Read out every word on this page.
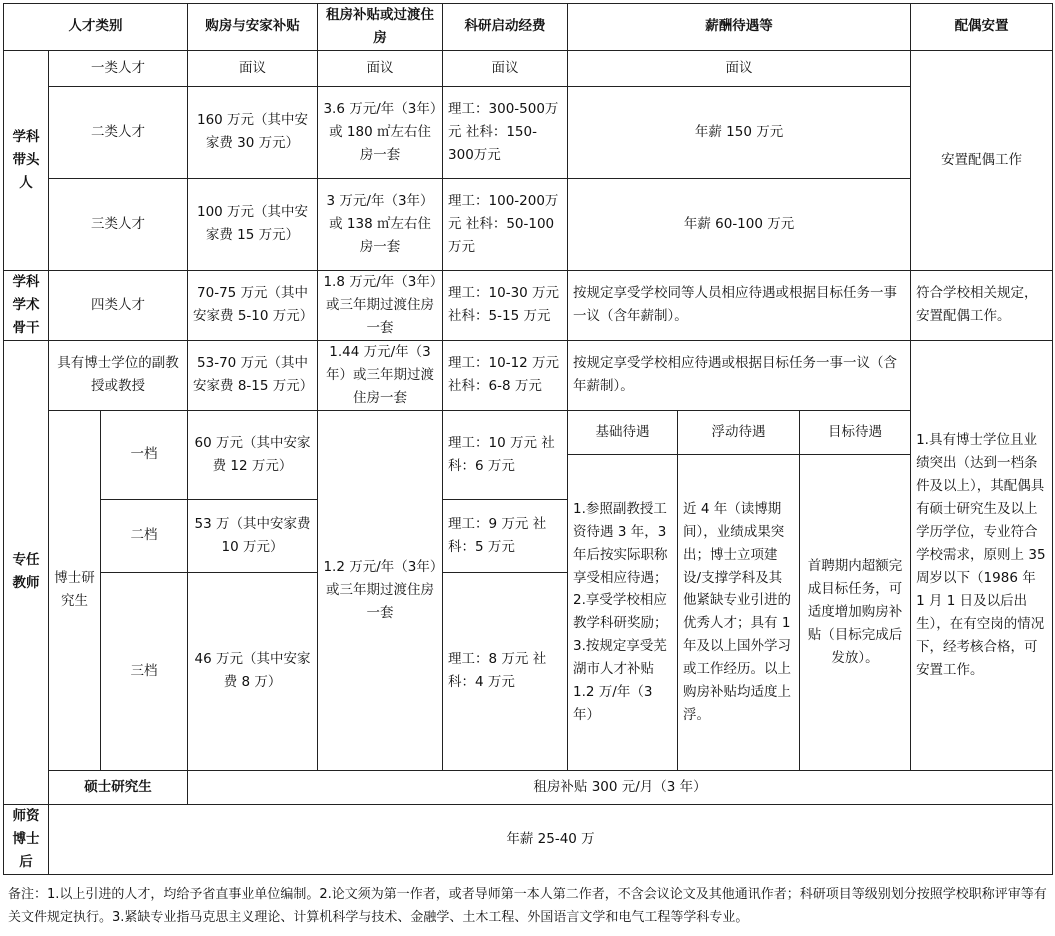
人才类别			购房与安家补贴	租房补贴或过渡住房	科研启动经费	薪酬待遇等			配偶安置
学科带头人	一类人才		面议	面议	面议	面议			安置配偶工作
	二类人才		160 万元（其中安家费 30 万元）	3.6 万元/年（3年）或 180 ㎡左右住房一套	理工：300-500万元 社科：150-300万元	年薪 150 万元			
	三类人才		100 万元（其中安家费 15 万元）	3 万元/年（3年）或 138 ㎡左右住房一套	理工：100-200万元 社科：50-100 万元	年薪 60-100 万元			
学科学术骨干	四类人才		70-75 万元（其中安家费 5-10 万元）	1.8 万元/年（3年）或三年期过渡住房一套	理工：10-30 万元 社科：5-15 万元	按规定享受学校同等人员相应待遇或根据目标任务一事一议（含年薪制）。			符合学校相关规定，安置配偶工作。
专任教师	具有博士学位的副教授或教授		53-70 万元（其中安家费 8-15 万元）	1.44 万元/年（3年）或三年期过渡住房一套	理工：10-12 万元 社科：6-8 万元	按规定享受学校相应待遇或根据目标任务一事一议（含年薪制）。			1.具有博士学位且业绩突出（达到一档条件及以上），其配偶具有硕士研究生及以上学历学位，专业符合学校需求，原则上 35 周岁以下（1986 年 1 月 1 日及以后出生），在有空岗的情况下，经考核合格，可安置工作。
	博士研究生	一档	60 万元（其中安家费 12 万元）	1.2 万元/年（3年）或三年期过渡住房一套	理工：10 万元 社科：6 万元	基础待遇	浮动待遇	目标待遇	
						1.参照副教授工资待遇 3 年，3 年后按实际职称享受相应待遇；2.享受学校相应教学科研奖励；3.按规定享受芜湖市人才补贴 1.2 万/年（3年）	近 4 年（读博期间），业绩成果突出；博士立项建设/支撑学科及其他紧缺专业引进的优秀人才；具有 1 年及以上国外学习或工作经历。以上购房补贴均适度上浮。	首聘期内超额完成目标任务，可适度增加购房补贴（目标完成后发放）。	
		二档	53 万（其中安家费 10 万元）		理工：9 万元 社科：5 万元				
		三档	46 万元（其中安家费 8 万）		理工：8 万元 社科：4 万元				
	硕士研究生		租房补贴 300 元/月（3 年）						
师资博士后	年薪 25-40 万								
备注：1.以上引进的人才，均给予省直事业单位编制。2.论文须为第一作者，或者导师第一本人第二作者，不含会议论文及其他通讯作者；科研项目等级别划分按照学校职称评审等有关文件规定执行。3.紧缺专业指马克思主义理论、计算机科学与技术、金融学、土木工程、外国语言文学和电气工程等学科专业。
